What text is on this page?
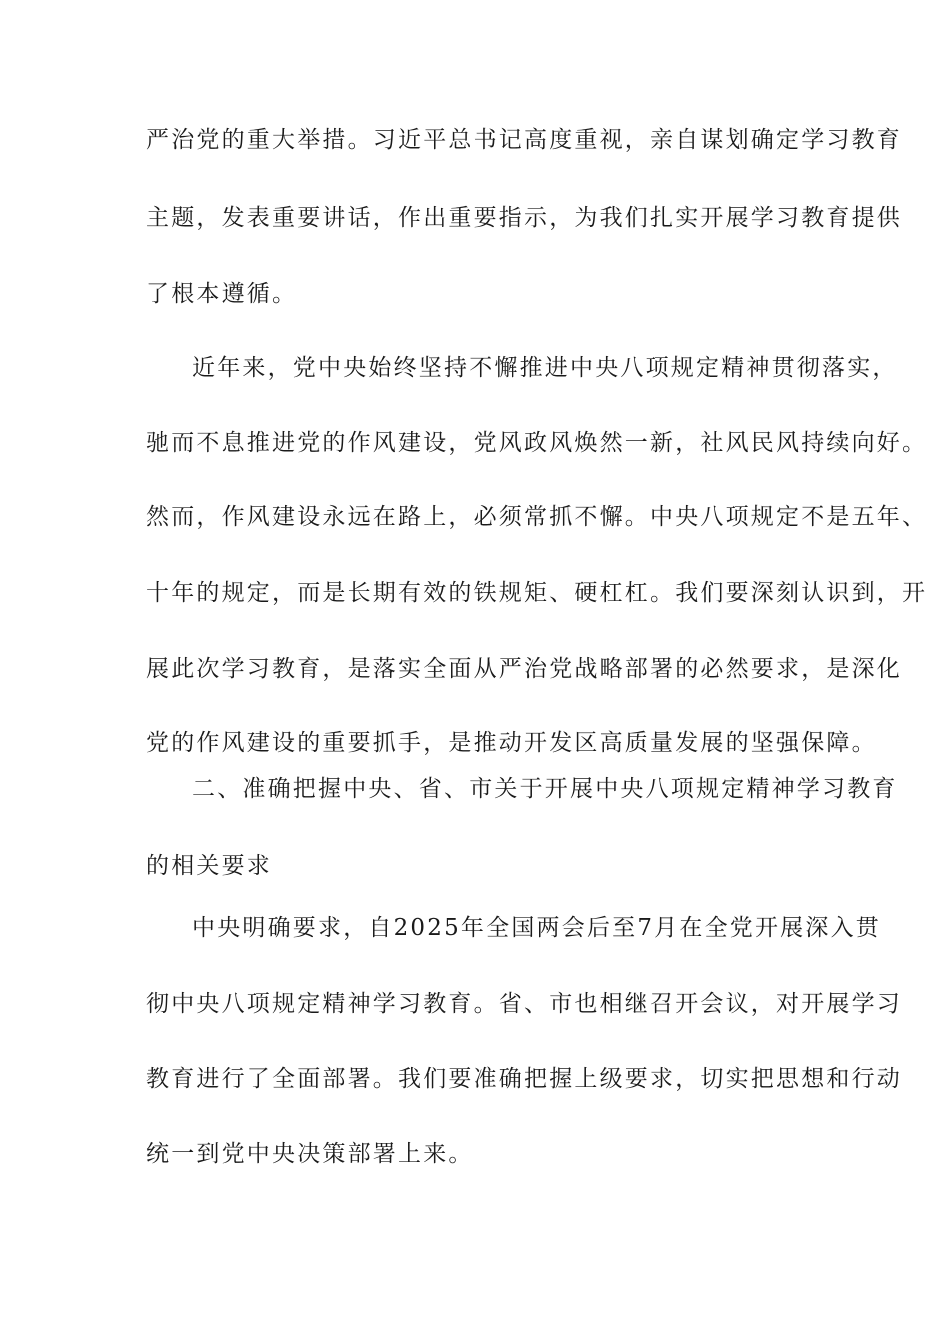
严治党的重大举措。习近平总书记高度重视，亲自谋划确定学习教育
主题，发表重要讲话，作出重要指示，为我们扎实开展学习教育提供
了根本遵循。
近年来，党中央始终坚持不懈推进中央八项规定精神贯彻落实，
驰而不息推进党的作风建设，党风政风焕然一新，社风民风持续向好。
然而，作风建设永远在路上，必须常抓不懈。中央八项规定不是五年、
十年的规定，而是长期有效的铁规矩、硬杠杠。我们要深刻认识到，开
展此次学习教育，是落实全面从严治党战略部署的必然要求，是深化
党的作风建设的重要抓手，是推动开发区高质量发展的坚强保障。
二、准确把握中央、省、市关于开展中央八项规定精神学习教育
的相关要求
中央明确要求，自2025年全国两会后至7月在全党开展深入贯
彻中央八项规定精神学习教育。省、市也相继召开会议，对开展学习
教育进行了全面部署。我们要准确把握上级要求，切实把思想和行动
统一到党中央决策部署上来。
